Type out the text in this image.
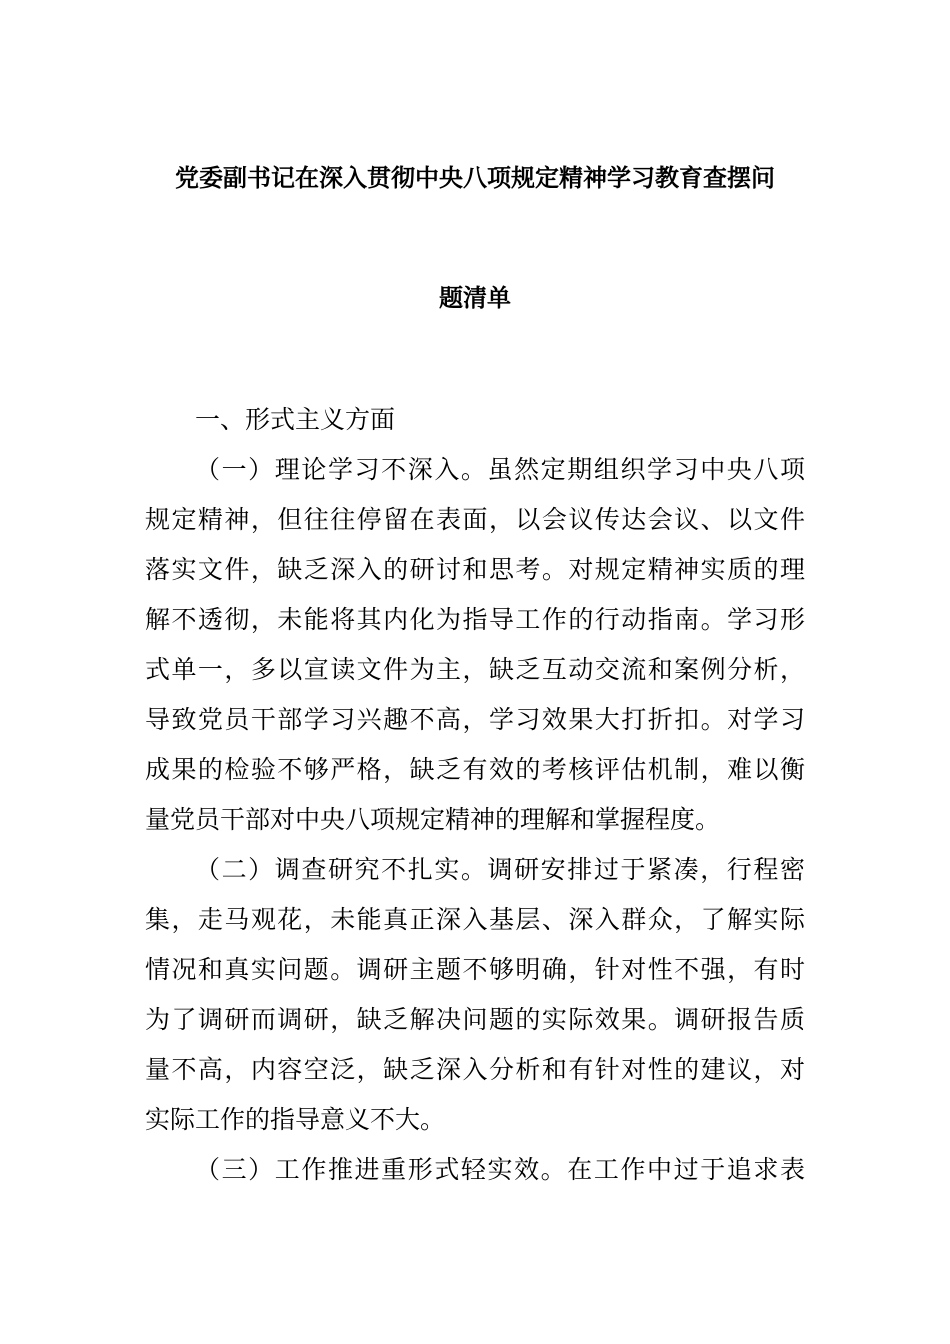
党委副书记在深入贯彻中央八项规定精神学习教育查摆问
题清单
一、形式主义方面
（一）理论学习不深入。虽然定期组织学习中央八项
规定精神，但往往停留在表面，以会议传达会议、以文件
落实文件，缺乏深入的研讨和思考。对规定精神实质的理
解不透彻，未能将其内化为指导工作的行动指南。学习形
式单一，多以宣读文件为主，缺乏互动交流和案例分析，
导致党员干部学习兴趣不高，学习效果大打折扣。对学习
成果的检验不够严格，缺乏有效的考核评估机制，难以衡
量党员干部对中央八项规定精神的理解和掌握程度。
（二）调查研究不扎实。调研安排过于紧凑，行程密
集，走马观花，未能真正深入基层、深入群众，了解实际
情况和真实问题。调研主题不够明确，针对性不强，有时
为了调研而调研，缺乏解决问题的实际效果。调研报告质
量不高，内容空泛，缺乏深入分析和有针对性的建议，对
实际工作的指导意义不大。
（三）工作推进重形式轻实效。在工作中过于追求表
